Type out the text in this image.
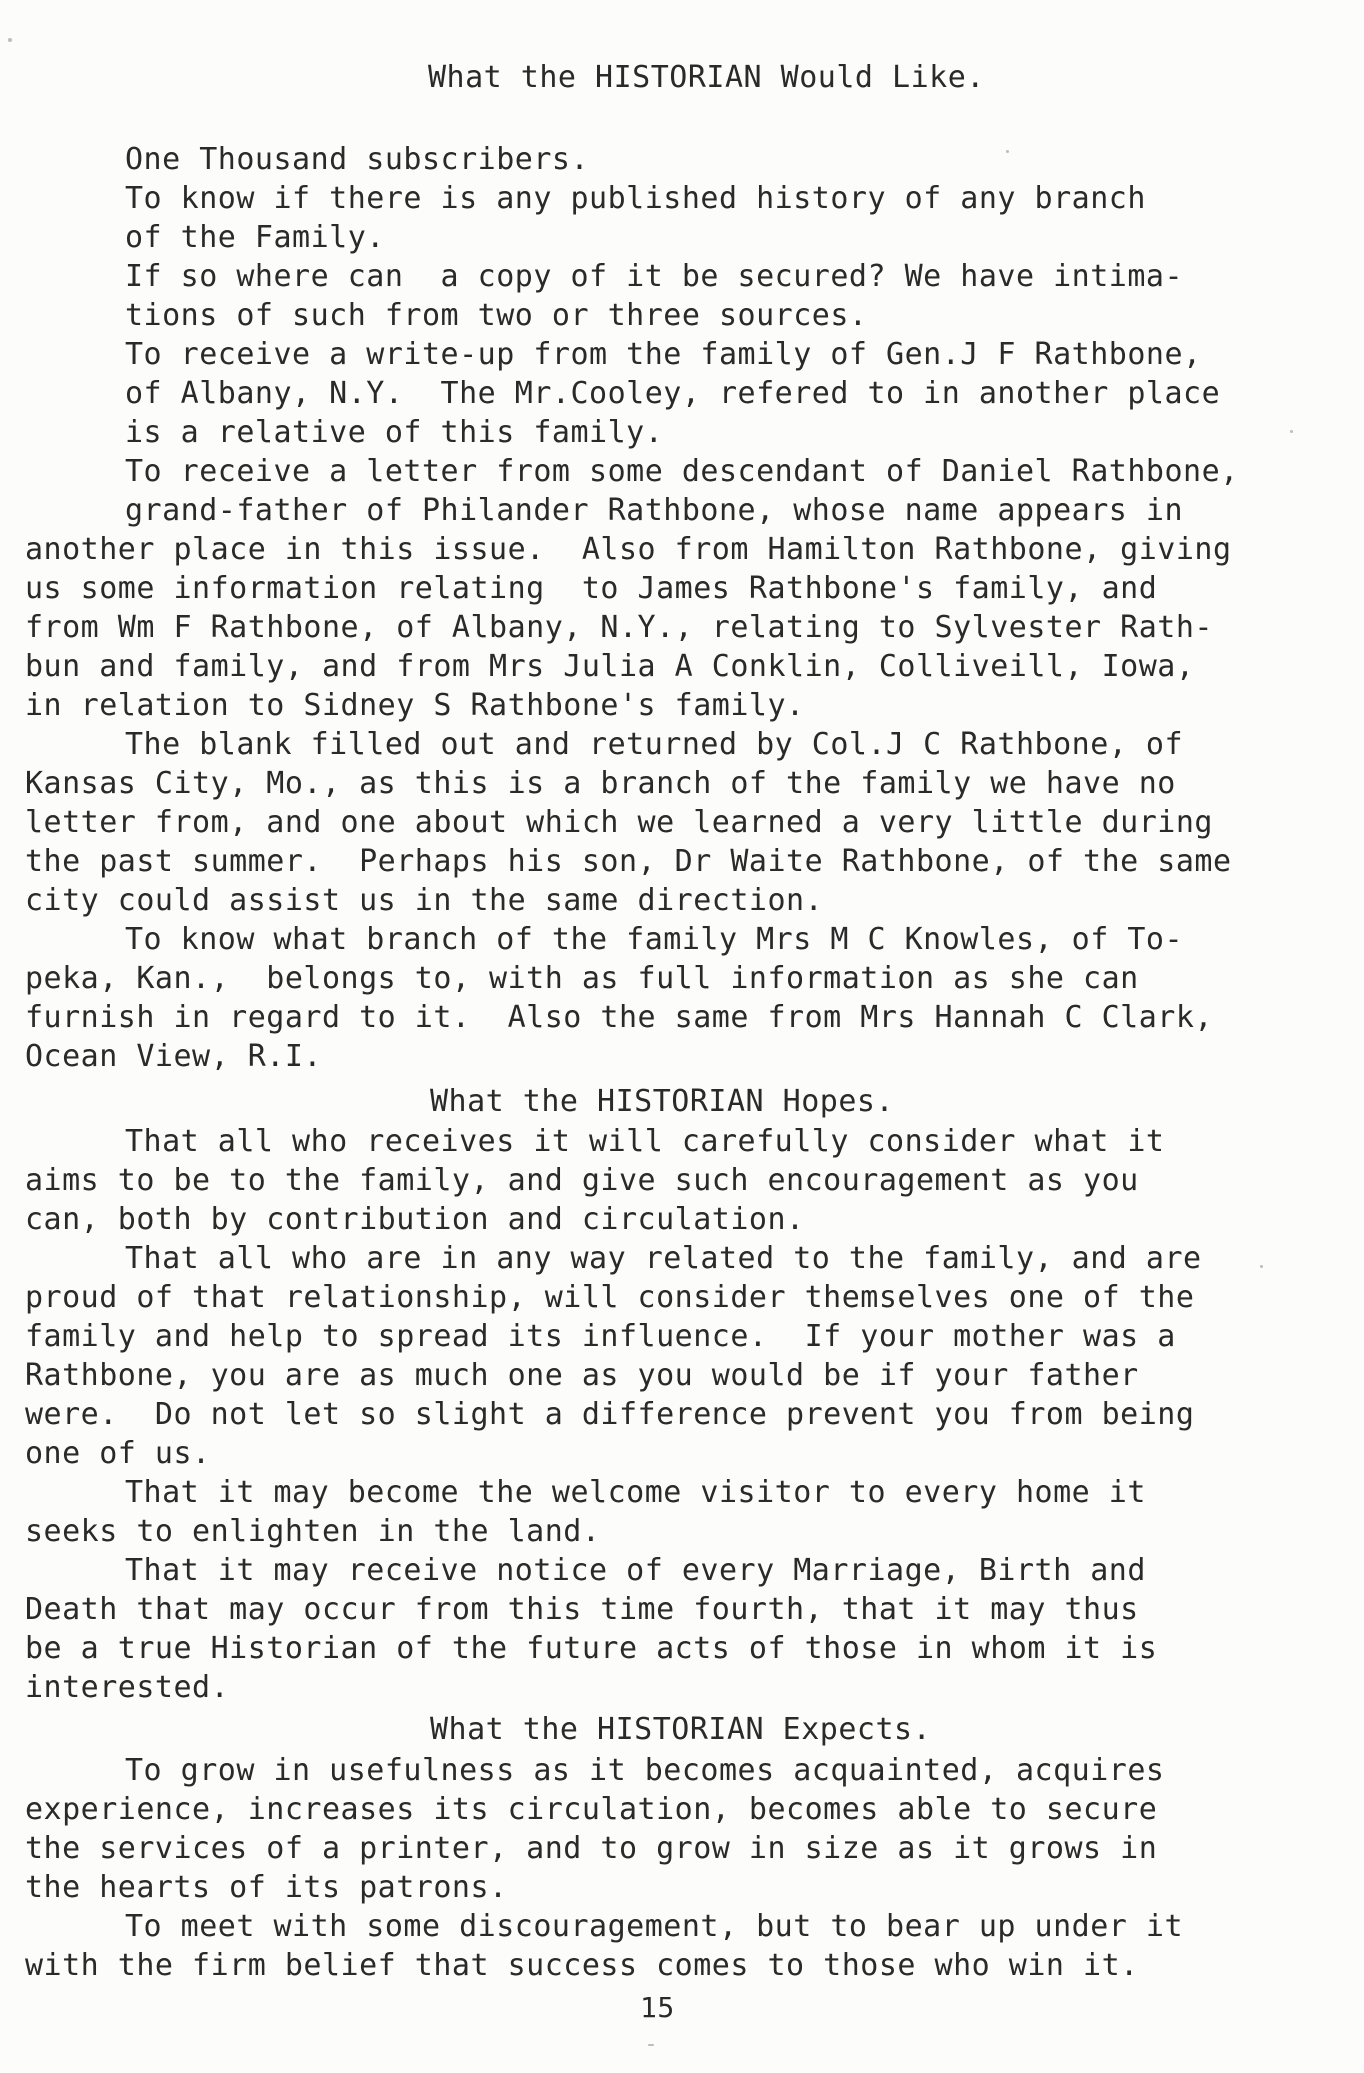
What the HISTORIAN Would Like.
One Thousand subscribers.
To know if there is any published history of any branch
of the Family.
If so where can  a copy of it be secured? We have intima-
tions of such from two or three sources.
To receive a write-up from the family of Gen.J F Rathbone,
of Albany, N.Y.  The Mr.Cooley, refered to in another place
is a relative of this family.
To receive a letter from some descendant of Daniel Rathbone,
grand-father of Philander Rathbone, whose name appears in
another place in this issue.  Also from Hamilton Rathbone, giving
us some information relating  to James Rathbone's family, and
from Wm F Rathbone, of Albany, N.Y., relating to Sylvester Rath-
bun and family, and from Mrs Julia A Conklin, Colliveill, Iowa,
in relation to Sidney S Rathbone's family.
The blank filled out and returned by Col.J C Rathbone, of
Kansas City, Mo., as this is a branch of the family we have no
letter from, and one about which we learned a very little during
the past summer.  Perhaps his son, Dr Waite Rathbone, of the same
city could assist us in the same direction.
To know what branch of the family Mrs M C Knowles, of To-
peka, Kan.,  belongs to, with as full information as she can
furnish in regard to it.  Also the same from Mrs Hannah C Clark,
Ocean View, R.I.
What the HISTORIAN Hopes.
That all who receives it will carefully consider what it
aims to be to the family, and give such encouragement as you
can, both by contribution and circulation.
That all who are in any way related to the family, and are
proud of that relationship, will consider themselves one of the
family and help to spread its influence.  If your mother was a
Rathbone, you are as much one as you would be if your father
were.  Do not let so slight a difference prevent you from being
one of us.
That it may become the welcome visitor to every home it
seeks to enlighten in the land.
That it may receive notice of every Marriage, Birth and
Death that may occur from this time fourth, that it may thus
be a true Historian of the future acts of those in whom it is
interested.
What the HISTORIAN Expects.
To grow in usefulness as it becomes acquainted, acquires
experience, increases its circulation, becomes able to secure
the services of a printer, and to grow in size as it grows in
the hearts of its patrons.
To meet with some discouragement, but to bear up under it
with the firm belief that success comes to those who win it.
15
